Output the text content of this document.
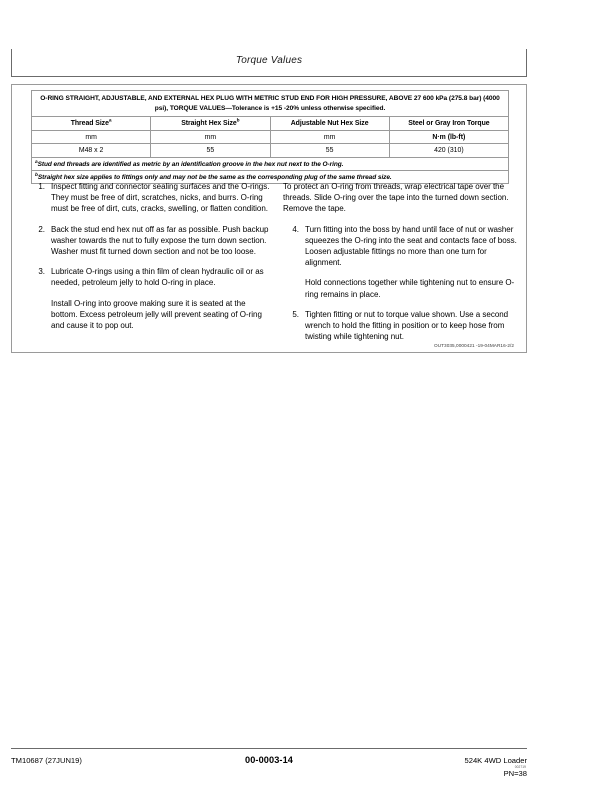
Torque Values
O-RING STRAIGHT, ADJUSTABLE, AND EXTERNAL HEX PLUG WITH METRIC STUD END FOR HIGH PRESSURE, ABOVE 27 600 kPa (275.8 bar) (4000 psi), TORQUE VALUES—Tolerance is +15 -20% unless otherwise specified.			
Thread Size$^a$	Straight Hex Size$^b$	Adjustable Nut Hex Size	Steel or Gray Iron Torque
mm	mm	mm	N·m (lb-ft)
M48 x 2	55	55	420 (310)
$^a$Stud end threads are identified as metric by an identification groove in the hex nut next to the O-ring.			
$^b$Straight hex size applies to fittings only and may not be the same as the corresponding plug of the same thread size.			
1. Inspect fitting and connector sealing surfaces and the O-rings. They must be free of dirt, scratches, nicks, and burrs. O-ring must be free of dirt, cuts, cracks, swelling, or flatten condition.
2. Back the stud end hex nut off as far as possible. Push backup washer towards the nut to fully expose the turn down section. Washer must fit turned down section and not be too loose.
3. Lubricate O-rings using a thin film of clean hydraulic oil or as needed, petroleum jelly to hold O-ring in place.
Install O-ring into groove making sure it is seated at the bottom. Excess petroleum jelly will prevent seating of O-ring and cause it to pop out.
To protect an O-ring from threads, wrap electrical tape over the threads. Slide O-ring over the tape into the turned down section. Remove the tape.
4. Turn fitting into the boss by hand until face of nut or washer squeezes the O-ring into the seat and contacts face of boss. Loosen adjustable fittings no more than one turn for alignment.
Hold connections together while tightening nut to ensure O-ring remains in place.
5. Tighten fitting or nut to torque value shown. Use a second wrench to hold the fitting in position or to keep hose from twisting while tightening nut.
OUT3035,0000421 -19-04MAR16-2/2
TM10687 (27JUN19)	00-0003-14	524K 4WD Loader
002719
PN=38
